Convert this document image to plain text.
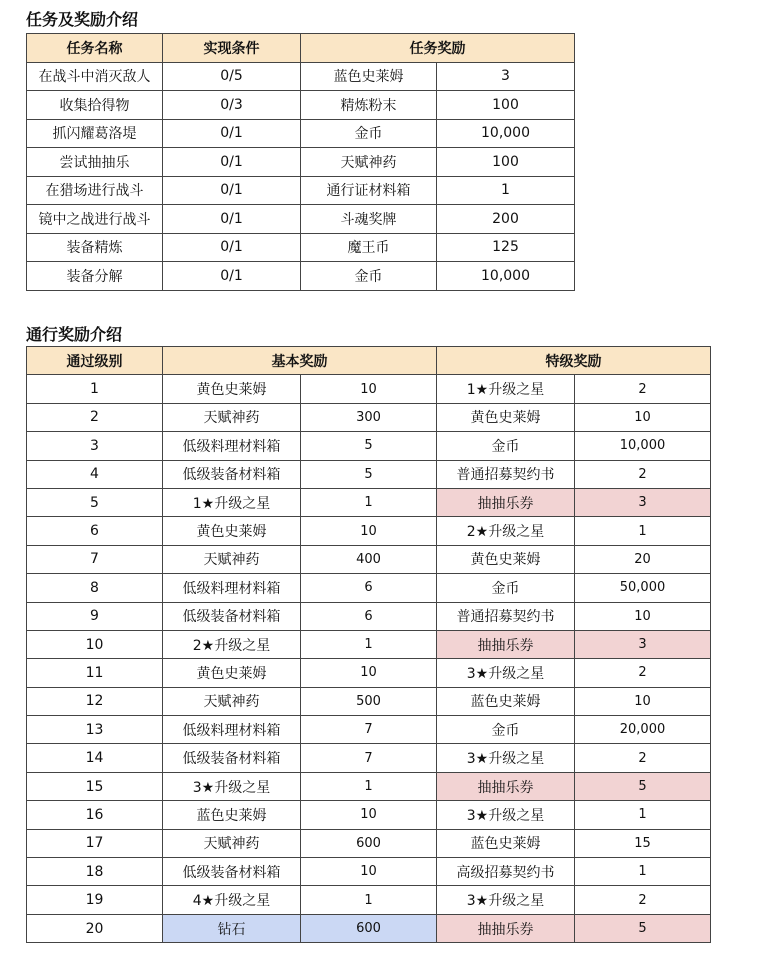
任务及奖励介绍
任务名称	实现条件	任务奖励	
在战斗中消灭敌人	0/5	蓝色史莱姆	3
收集拾得物	0/3	精炼粉末	100
抓闪耀葛洛堤	0/1	金币	10,000
尝试抽抽乐	0/1	天赋神药	100
在猎场进行战斗	0/1	通行证材料箱	1
镜中之战进行战斗	0/1	斗魂奖牌	200
装备精炼	0/1	魔王币	125
装备分解	0/1	金币	10,000
通行奖励介绍
通过级别	基本奖励		特级奖励	
1	黄色史莱姆	10	1★升级之星	2
2	天赋神药	300	黄色史莱姆	10
3	低级料理材料箱	5	金币	10,000
4	低级装备材料箱	5	普通招募契约书	2
5	1★升级之星	1	抽抽乐券	3
6	黄色史莱姆	10	2★升级之星	1
7	天赋神药	400	黄色史莱姆	20
8	低级料理材料箱	6	金币	50,000
9	低级装备材料箱	6	普通招募契约书	10
10	2★升级之星	1	抽抽乐券	3
11	黄色史莱姆	10	3★升级之星	2
12	天赋神药	500	蓝色史莱姆	10
13	低级料理材料箱	7	金币	20,000
14	低级装备材料箱	7	3★升级之星	2
15	3★升级之星	1	抽抽乐券	5
16	蓝色史莱姆	10	3★升级之星	1
17	天赋神药	600	蓝色史莱姆	15
18	低级装备材料箱	10	高级招募契约书	1
19	4★升级之星	1	3★升级之星	2
20	钻石	600	抽抽乐券	5
